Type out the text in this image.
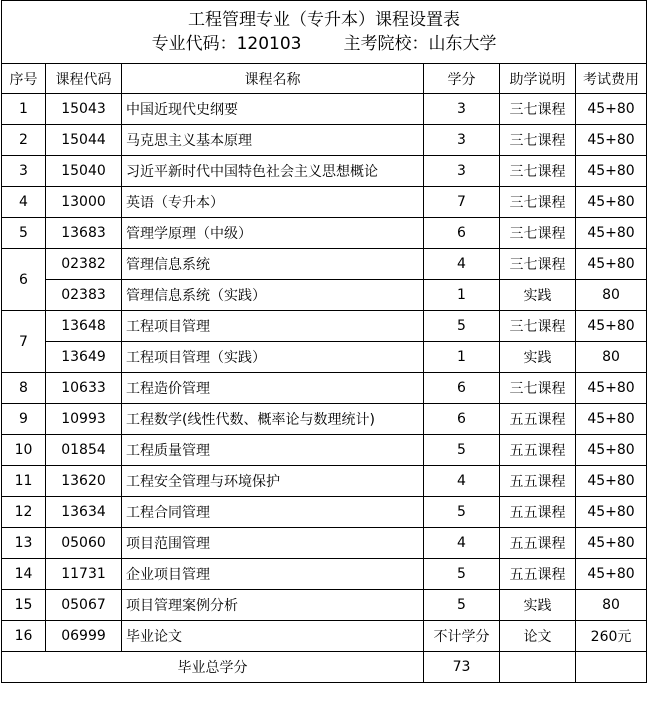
工程管理专业（专升本）课程设置表
专业代码：120103 主考院校：山东大学					

序号	课程代码	课程名称	学分	助学说明	考试费用
1	15043	中国近现代史纲要	3	三七课程	45+80
2	15044	马克思主义基本原理	3	三七课程	45+80
3	15040	习近平新时代中国特色社会主义思想概论	3	三七课程	45+80
4	13000	英语（专升本）	7	三七课程	45+80
5	13683	管理学原理（中级）	6	三七课程	45+80
6	02382	管理信息系统	4	三七课程	45+80
	02383	管理信息系统（实践）	1	实践	80
7	13648	工程项目管理	5	三七课程	45+80
	13649	工程项目管理（实践）	1	实践	80
8	10633	工程造价管理	6	三七课程	45+80
9	10993	工程数学(线性代数、概率论与数理统计)	6	五五课程	45+80
10	01854	工程质量管理	5	五五课程	45+80
11	13620	工程安全管理与环境保护	4	五五课程	45+80
12	13634	工程合同管理	5	五五课程	45+80
13	05060	项目范围管理	4	五五课程	45+80
14	11731	企业项目管理	5	五五课程	45+80
15	05067	项目管理案例分析	5	实践	80
16	06999	毕业论文	不计学分	论文	260元
毕业总学分			73		
